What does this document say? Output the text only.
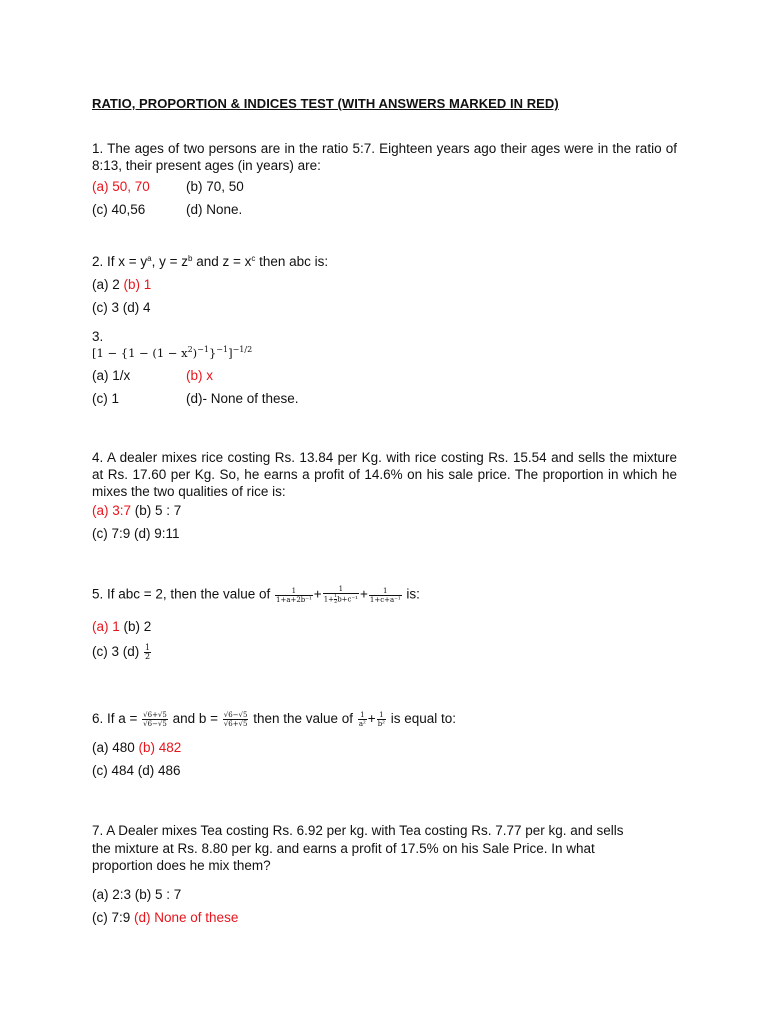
RATIO, PROPORTION & INDICES TEST (WITH ANSWERS MARKED IN RED)
1. The ages of two persons are in the ratio 5:7. Eighteen years ago their ages were in the ratio of 8:13, their present ages (in years) are:
(a) 50, 70	(b) 70, 50
(c) 40,56	(d) None.
2. If $x = y^a$, $y = z^b$ and $z = x^c$ then abc is:
(a) 2 (b) 1
(c) 3 (d) 4
3.
$[1 - \{1 - (1 - x^2)^{-1}\}^{-1}]^{-1/2}$
(a) 1/x	(b) x
(c) 1	(d)- None of these.
4. A dealer mixes rice costing Rs. 13.84 per Kg. with rice costing Rs. 15.54 and sells the mixture at Rs. 17.60 per Kg. So, he earns a profit of 14.6% on his sale price. The proportion in which he mixes the two qualities of rice is:
(a) 3:7 (b) 5 : 7
(c) 7:9 (d) 9:11
5. If abc = 2, then the value of $\frac{1}{\text{1+a+2b⁻¹}} + \frac{1}{1+ \frac{1}{2} b+c^{-1}} + \frac{1}{\text{1+c+a⁻¹}}$ is:
(a) 1 (b) 2
(c) 3 $(d) \frac{1}{2}$
6. If $a = \frac{√6+√5}{√6-√5}$ and $b = \frac{√6-√5}{√6+√5}$ then the value of $\frac{1}{\text{a²}} + \frac{1}{\text{b²}}$ is equal to:
(a) 480 (b) 482
(c) 484 (d) 486
7. A Dealer mixes Tea costing Rs. 6.92 per kg. with Tea costing Rs. 7.77 per kg. and sells
the mixture at Rs. 8.80 per kg. and earns a profit of 17.5% on his Sale Price. In what
proportion does he mix them?
(a) 2:3 (b) 5 : 7
(c) 7:9 (d) None of these
